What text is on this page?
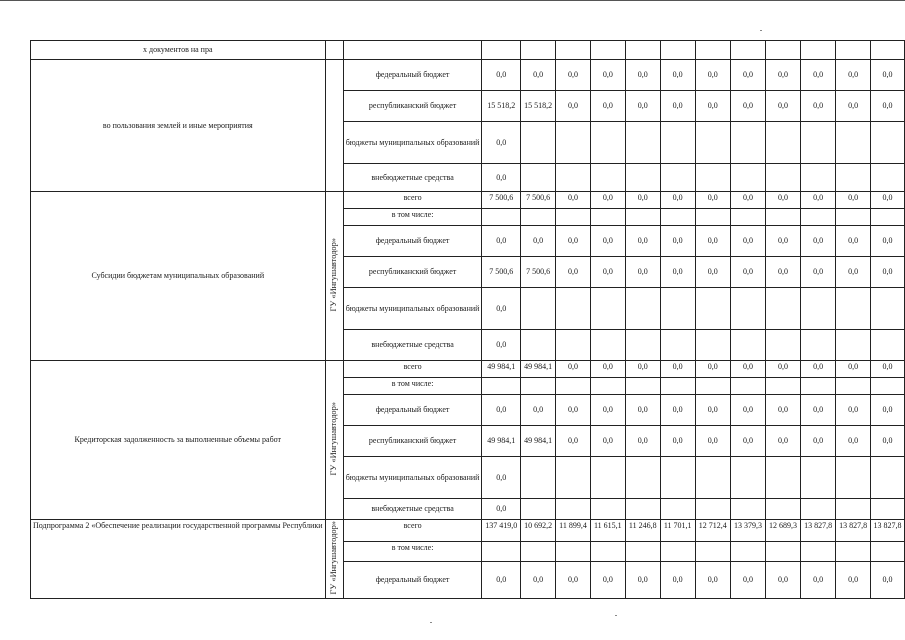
х документов на пра														
во пользования землей и иные мероприятия		федеральный бюджет	0,0	0,0	0,0	0,0	0,0	0,0	0,0	0,0	0,0	0,0	0,0	0,0
		республиканский бюджет	15 518,2	15 518,2	0,0	0,0	0,0	0,0	0,0	0,0	0,0	0,0	0,0	0,0
		бюджеты муниципальных образований	0,0											
		внебюджетные средства	0,0											
Субсидии бюджетам муниципальных образований	ГУ «Ингушавтодор»	всего	7 500,6	7 500,6	0,0	0,0	0,0	0,0	0,0	0,0	0,0	0,0	0,0	0,0
		в том числе:												
		федеральный бюджет	0,0	0,0	0,0	0,0	0,0	0,0	0,0	0,0	0,0	0,0	0,0	0,0
		республиканский бюджет	7 500,6	7 500,6	0,0	0,0	0,0	0,0	0,0	0,0	0,0	0,0	0,0	0,0
		бюджеты муниципальных образований	0,0											
		внебюджетные средства	0,0											
Кредиторская задолженность за выполненные объемы работ	ГУ «Ингушавтодор»	всего	49 984,1	49 984,1	0,0	0,0	0,0	0,0	0,0	0,0	0,0	0,0	0,0	0,0
		в том числе:												
		федеральный бюджет	0,0	0,0	0,0	0,0	0,0	0,0	0,0	0,0	0,0	0,0	0,0	0,0
		республиканский бюджет	49 984,1	49 984,1	0,0	0,0	0,0	0,0	0,0	0,0	0,0	0,0	0,0	0,0
		бюджеты муниципальных образований	0,0											
		внебюджетные средства	0,0											
Подпрограмма 2 «Обеспечение реализации государственной программы Республики	ГУ «Ингушавтодор»	всего	137 419,0	10 692,2	11 899,4	11 615,1	11 246,8	11 701,1	12 712,4	13 379,3	12 689,3	13 827,8	13 827,8	13 827,8
		в том числе:												
		федеральный бюджет	0,0	0,0	0,0	0,0	0,0	0,0	0,0	0,0	0,0	0,0	0,0	0,0
